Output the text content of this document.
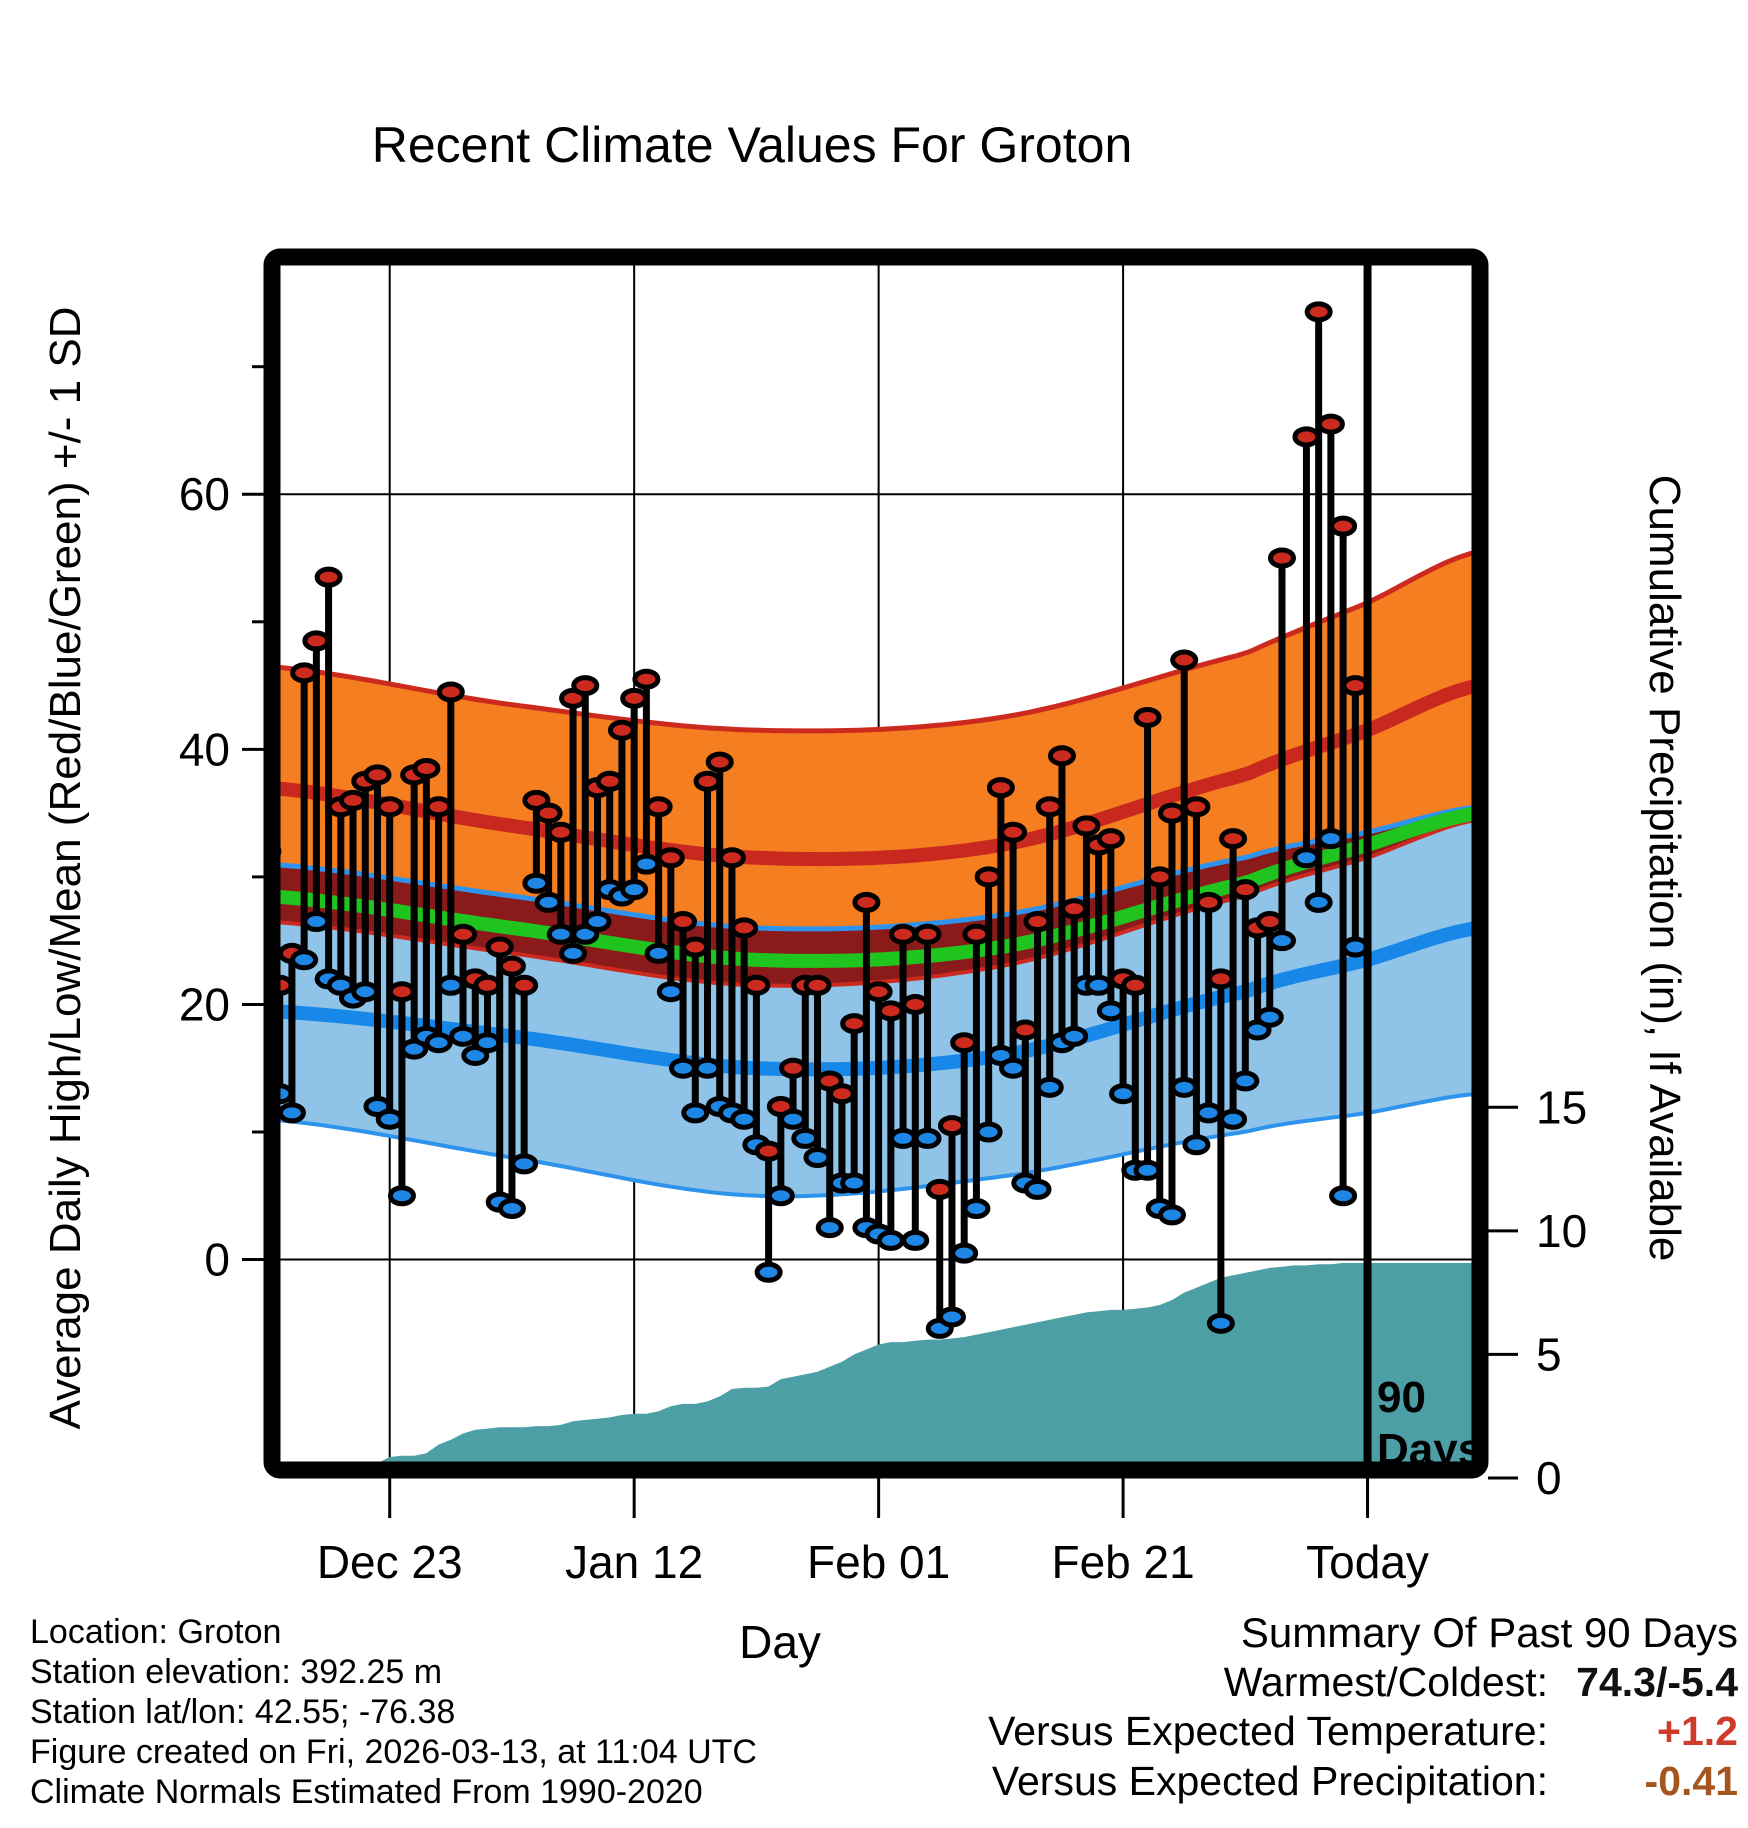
Recent Climate Values For Groton
Average Daily High/Low/Mean (Red/Blue/Green) +/- 1 SD	Cumulative Precipitation (in), If Available
Day
0
20
40
60
0
5
10
15
Dec 23 Jan 12 Feb 01 Feb 21 Today
90
Days
Location: Groton
Station elevation: 392.25 m
Station lat/lon: 42.55; -76.38
Figure created on Fri, 2026-03-13, at 11:04 UTC
Climate Normals Estimated From 1990-2020
Summary Of Past 90 Days
Warmest/Coldest: 74.3/-5.4
Versus Expected Temperature:	+1.2
Versus Expected Precipitation: -0.41
